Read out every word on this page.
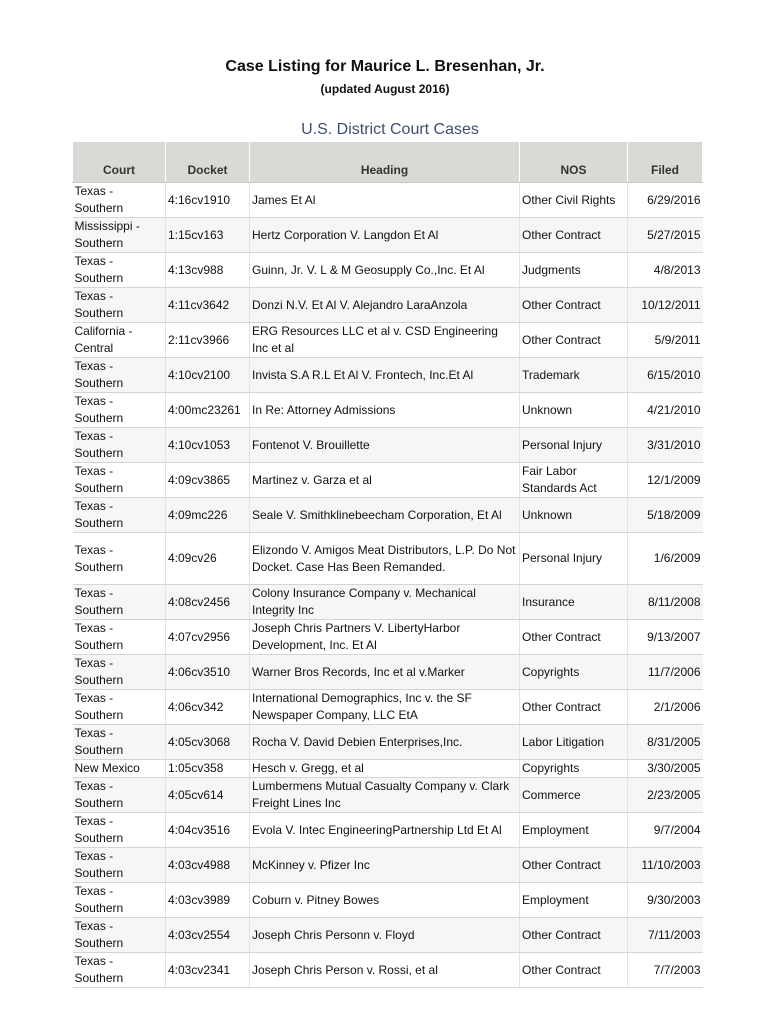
Case Listing for Maurice L. Bresenhan, Jr.
(updated August 2016)
U.S. District Court Cases
Court	Docket	Heading	NOS	Filed
Texas - Southern	4:16cv1910	James Et Al	Other Civil Rights	6/29/2016
Mississippi - Southern	1:15cv163	Hertz Corporation V. Langdon Et Al	Other Contract	5/27/2015
Texas - Southern	4:13cv988	Guinn, Jr. V. L & M Geosupply Co.,Inc. Et Al	Judgments	4/8/2013
Texas - Southern	4:11cv3642	Donzi N.V. Et Al V. Alejandro LaraAnzola	Other Contract	10/12/2011
California - Central	2:11cv3966	ERG Resources LLC et al v. CSD Engineering Inc et al	Other Contract	5/9/2011
Texas - Southern	4:10cv2100	Invista S.A R.L Et Al V. Frontech, Inc.Et Al	Trademark	6/15/2010
Texas - Southern	4:00mc23261	In Re: Attorney Admissions	Unknown	4/21/2010
Texas - Southern	4:10cv1053	Fontenot V. Brouillette	Personal Injury	3/31/2010
Texas - Southern	4:09cv3865	Martinez v. Garza et al	Fair Labor Standards Act	12/1/2009
Texas - Southern	4:09mc226	Seale V. Smithklinebeecham Corporation, Et Al	Unknown	5/18/2009
Texas - Southern	4:09cv26	Elizondo V. Amigos Meat Distributors, L.P. Do Not Docket. Case Has Been Remanded.	Personal Injury	1/6/2009
Texas - Southern	4:08cv2456	Colony Insurance Company v. Mechanical Integrity Inc	Insurance	8/11/2008
Texas - Southern	4:07cv2956	Joseph Chris Partners V. LibertyHarbor Development, Inc. Et Al	Other Contract	9/13/2007
Texas - Southern	4:06cv3510	Warner Bros Records, Inc et al v.Marker	Copyrights	11/7/2006
Texas - Southern	4:06cv342	International Demographics, Inc v. the SF Newspaper Company, LLC EtA	Other Contract	2/1/2006
Texas - Southern	4:05cv3068	Rocha V. David Debien Enterprises,Inc.	Labor Litigation	8/31/2005
New Mexico	1:05cv358	Hesch v. Gregg, et al	Copyrights	3/30/2005
Texas - Southern	4:05cv614	Lumbermens Mutual Casualty Company v. Clark Freight Lines Inc	Commerce	2/23/2005
Texas - Southern	4:04cv3516	Evola V. Intec EngineeringPartnership Ltd Et Al	Employment	9/7/2004
Texas - Southern	4:03cv4988	McKinney v. Pfizer Inc	Other Contract	11/10/2003
Texas - Southern	4:03cv3989	Coburn v. Pitney Bowes	Employment	9/30/2003
Texas - Southern	4:03cv2554	Joseph Chris Personn v. Floyd	Other Contract	7/11/2003
Texas - Southern	4:03cv2341	Joseph Chris Person v. Rossi, et al	Other Contract	7/7/2003
